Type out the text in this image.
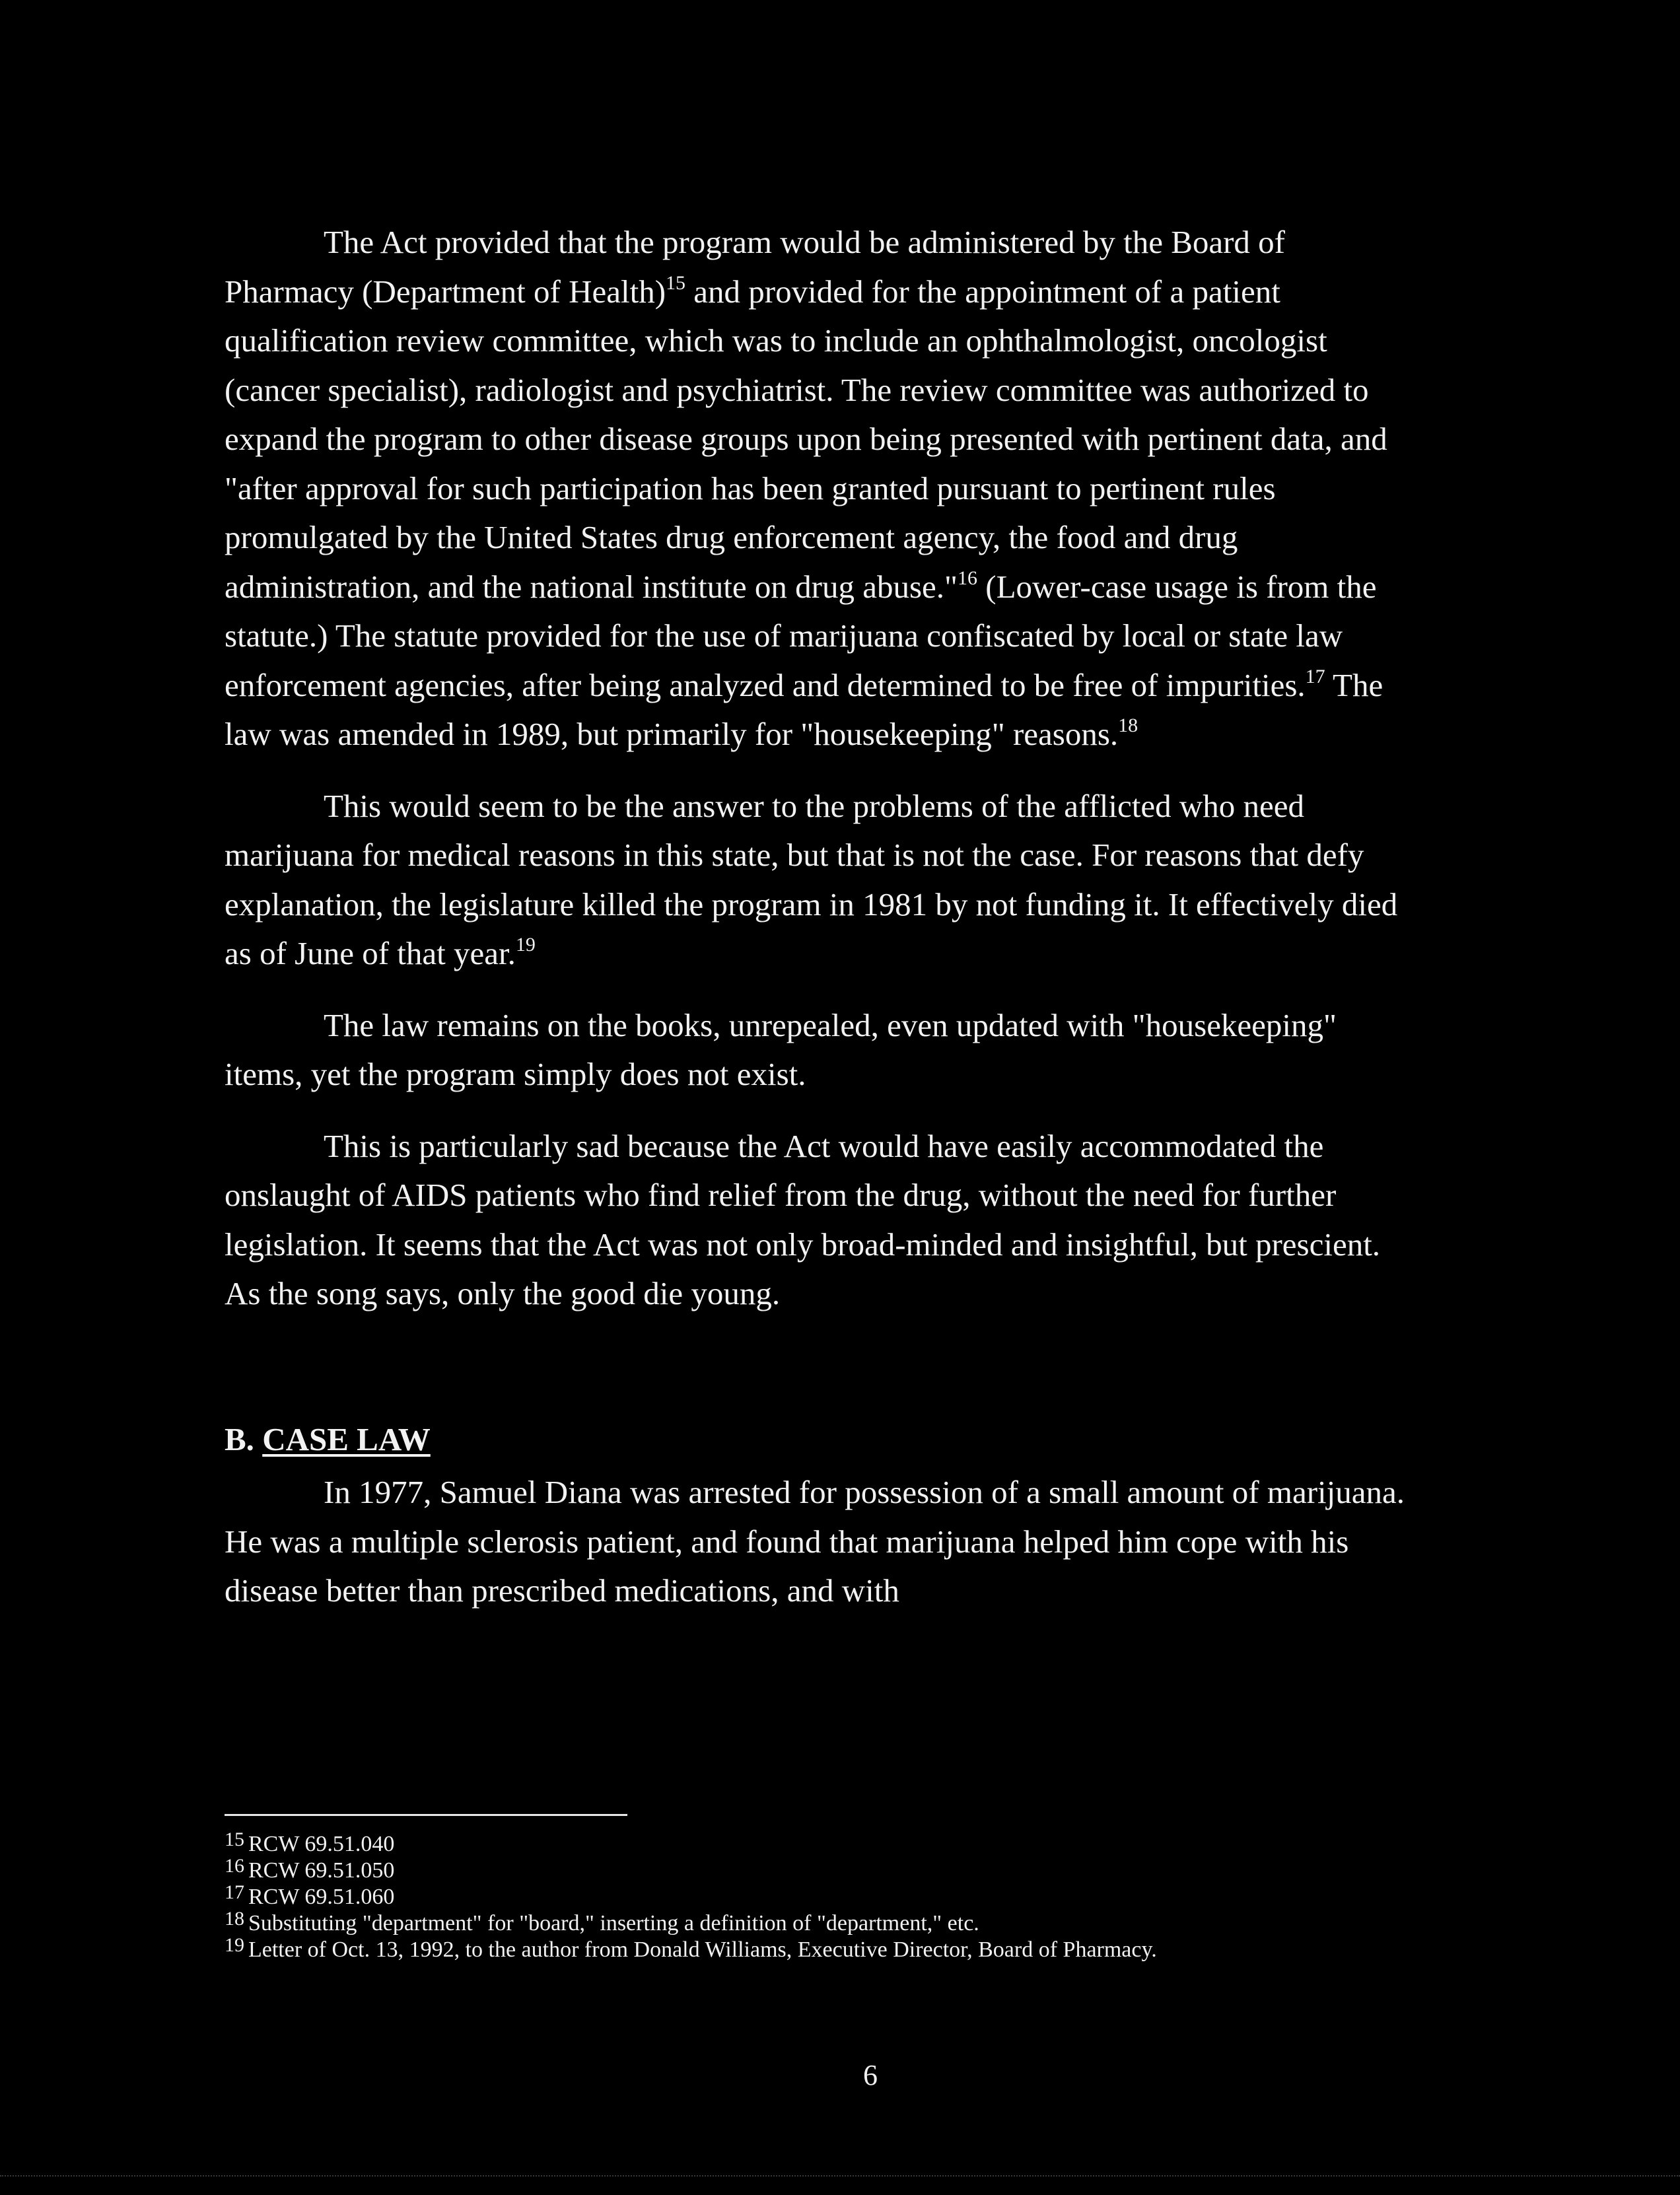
The Act provided that the program would be administered by the Board of Pharmacy (Department of Health)$^{15}$ and provided for the appointment of a patient qualification review committee, which was to include an ophthalmologist, oncologist (cancer specialist), radiologist and psychiatrist. The review committee was authorized to expand the program to other disease groups upon being presented with pertinent data, and "after approval for such participation has been granted pursuant to pertinent rules promulgated by the United States drug enforcement agency, the food and drug administration, and the national institute on drug abuse."$^{16}$ (Lower-case usage is from the statute.) The statute provided for the use of marijuana confiscated by local or state law enforcement agencies, after being analyzed and determined to be free of impurities.$^{17}$ The law was amended in 1989, but primarily for "housekeeping" reasons.$^{18}$

This would seem to be the answer to the problems of the afflicted who need marijuana for medical reasons in this state, but that is not the case. For reasons that defy explanation, the legislature killed the program in 1981 by not funding it. It effectively died as of June of that year.$^{19}$

The law remains on the books, unrepealed, even updated with "housekeeping" items, yet the program simply does not exist.

This is particularly sad because the Act would have easily accommodated the onslaught of AIDS patients who find relief from the drug, without the need for further legislation. It seems that the Act was not only broad-minded and insightful, but prescient. As the song says, only the good die young.

B. CASE LAW

In 1977, Samuel Diana was arrested for possession of a small amount of marijuana. He was a multiple sclerosis patient, and found that marijuana helped him cope with his disease better than prescribed medications, and with

15 RCW 69.51.040
16 RCW 69.51.050
17 RCW 69.51.060
18 Substituting "department" for "board," inserting a definition of "department," etc.
19 Letter of Oct. 13, 1992, to the author from Donald Williams, Executive Director, Board of Pharmacy.
6
